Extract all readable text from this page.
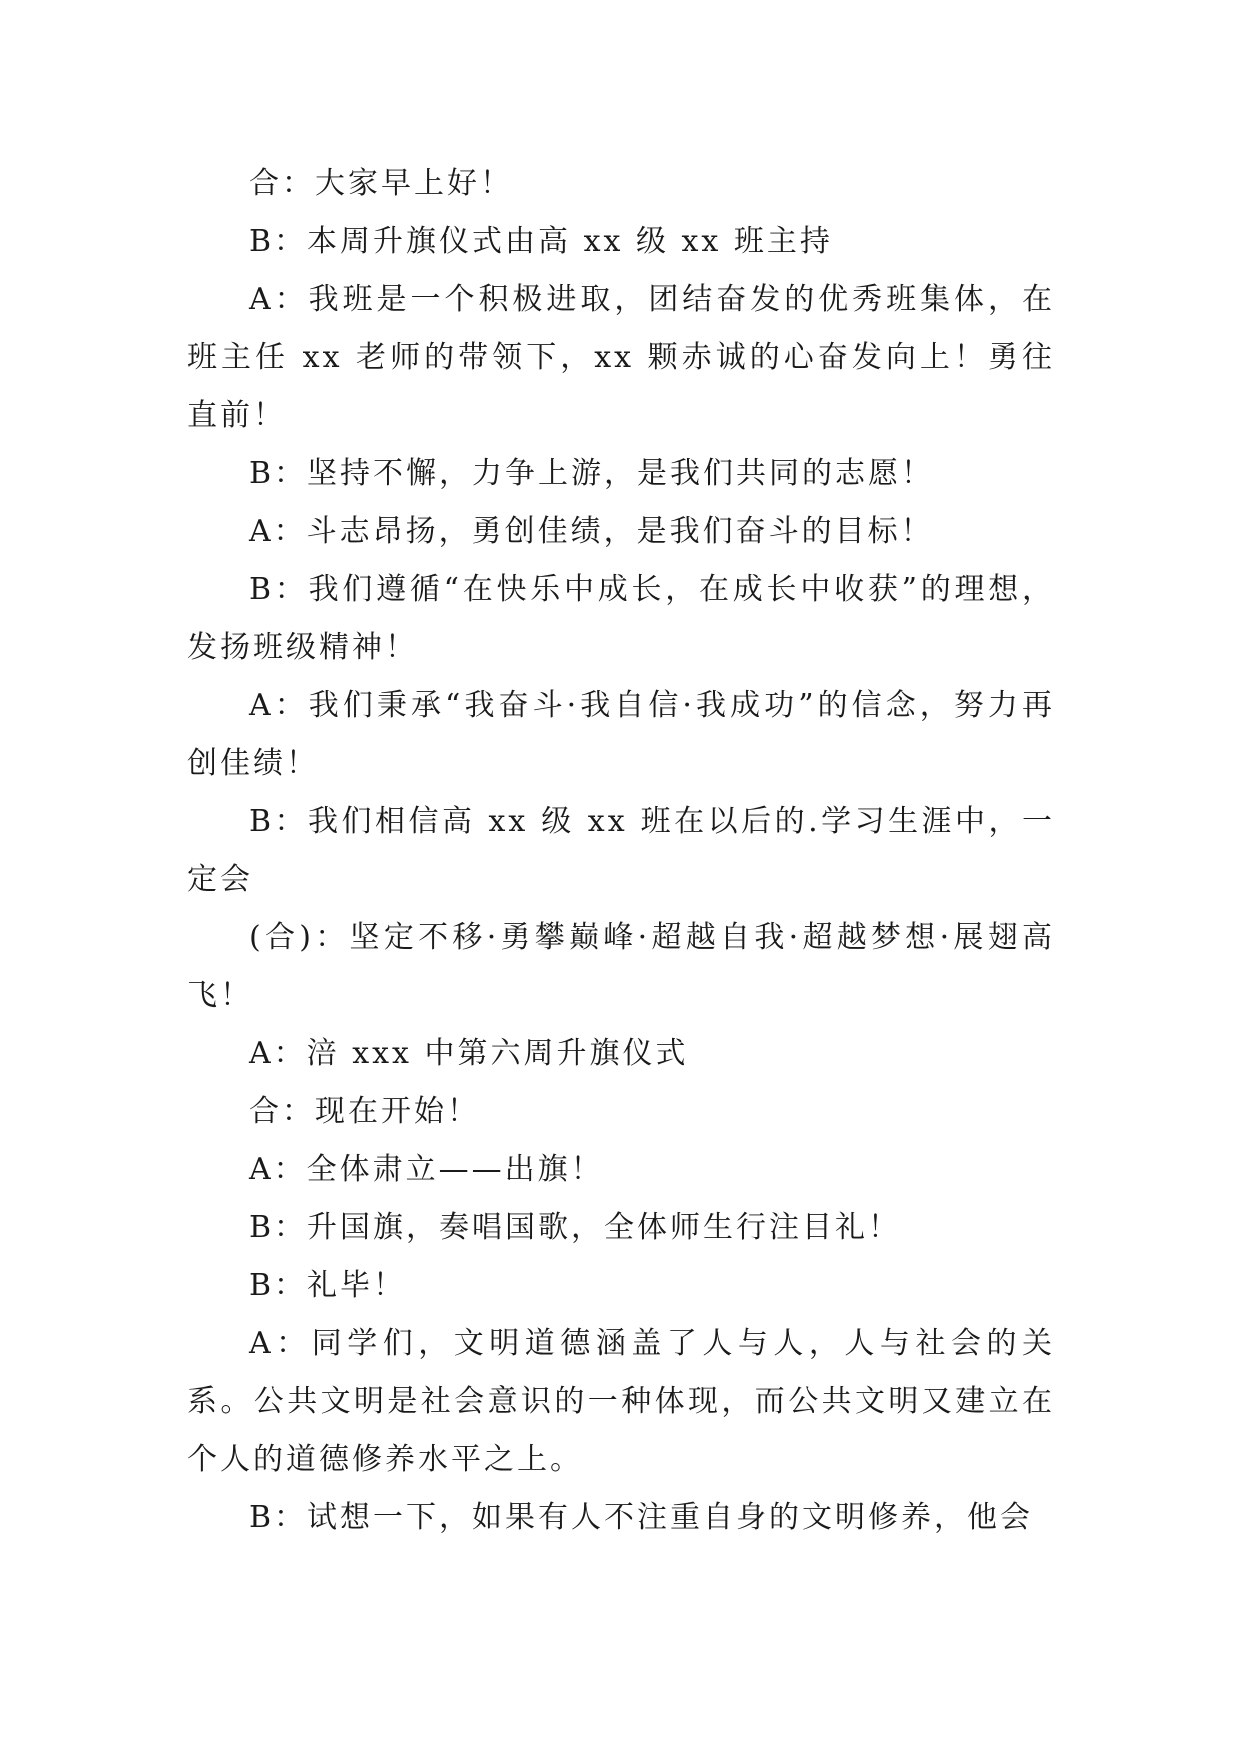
合：大家早上好！

B：本周升旗仪式由高 xx 级 xx 班主持

A：我班是一个积极进取，团结奋发的优秀班集体，在班主任 xx 老师的带领下，xx 颗赤诚的心奋发向上！勇往直前！

B：坚持不懈，力争上游，是我们共同的志愿！

A：斗志昂扬，勇创佳绩，是我们奋斗的目标！

B：我们遵循“在快乐中成长，在成长中收获”的理想，发扬班级精神！

A：我们秉承“我奋斗·我自信·我成功”的信念，努力再创佳绩！

B：我们相信高 xx 级 xx 班在以后的.学习生涯中，一定会

(合)：坚定不移·勇攀巅峰·超越自我·超越梦想·展翅高飞！

A：涪 xxx 中第六周升旗仪式

合：现在开始！

A：全体肃立——出旗！

B：升国旗，奏唱国歌，全体师生行注目礼！

B：礼毕！

A：同学们，文明道德涵盖了人与人，人与社会的关系。公共文明是社会意识的一种体现，而公共文明又建立在个人的道德修养水平之上。

B：试想一下，如果有人不注重自身的文明修养，他会
